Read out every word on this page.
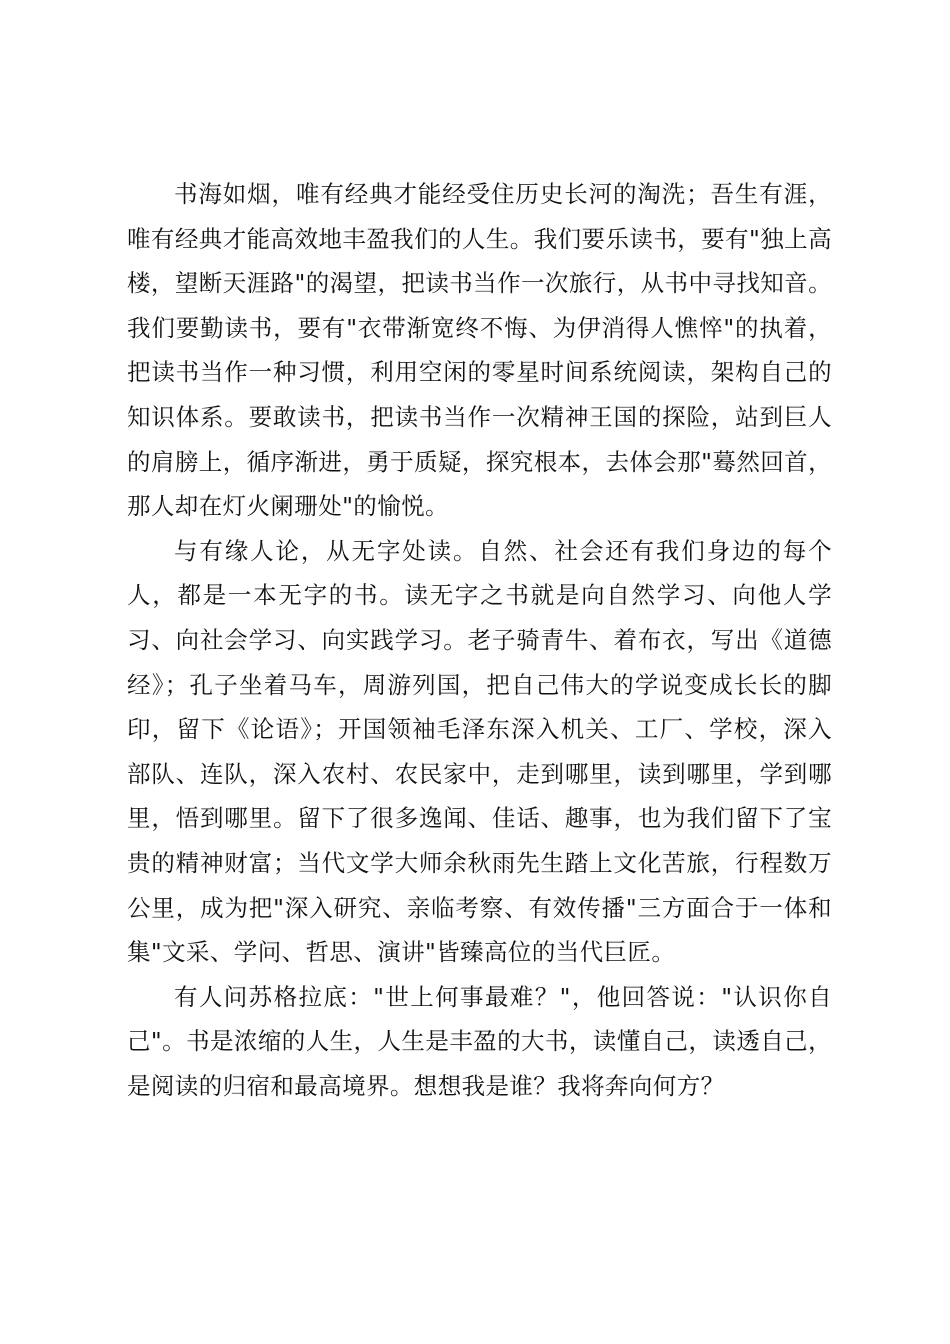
书海如烟，唯有经典才能经受住历史长河的淘洗；吾生有涯，唯有经典才能高效地丰盈我们的人生。我们要乐读书，要有"独上高楼，望断天涯路"的渴望，把读书当作一次旅行，从书中寻找知音。我们要勤读书，要有"衣带渐宽终不悔、为伊消得人憔悴"的执着，把读书当作一种习惯，利用空闲的零星时间系统阅读，架构自己的知识体系。要敢读书，把读书当作一次精神王国的探险，站到巨人的肩膀上，循序渐进，勇于质疑，探究根本，去体会那"蓦然回首，那人却在灯火阑珊处"的愉悦。

与有缘人论，从无字处读。自然、社会还有我们身边的每个人，都是一本无字的书。读无字之书就是向自然学习、向他人学习、向社会学习、向实践学习。老子骑青牛、着布衣，写出《道德经》；孔子坐着马车，周游列国，把自己伟大的学说变成长长的脚印，留下《论语》；开国领袖毛泽东深入机关、工厂、学校，深入部队、连队，深入农村、农民家中，走到哪里，读到哪里，学到哪里，悟到哪里。留下了很多逸闻、佳话、趣事，也为我们留下了宝贵的精神财富；当代文学大师余秋雨先生踏上文化苦旅，行程数万公里，成为把"深入研究、亲临考察、有效传播"三方面合于一体和集"文采、学问、哲思、演讲"皆臻高位的当代巨匠。

有人问苏格拉底："世上何事最难？"，他回答说："认识你自己"。书是浓缩的人生，人生是丰盈的大书，读懂自己，读透自己，是阅读的归宿和最高境界。想想我是谁？我将奔向何方？
